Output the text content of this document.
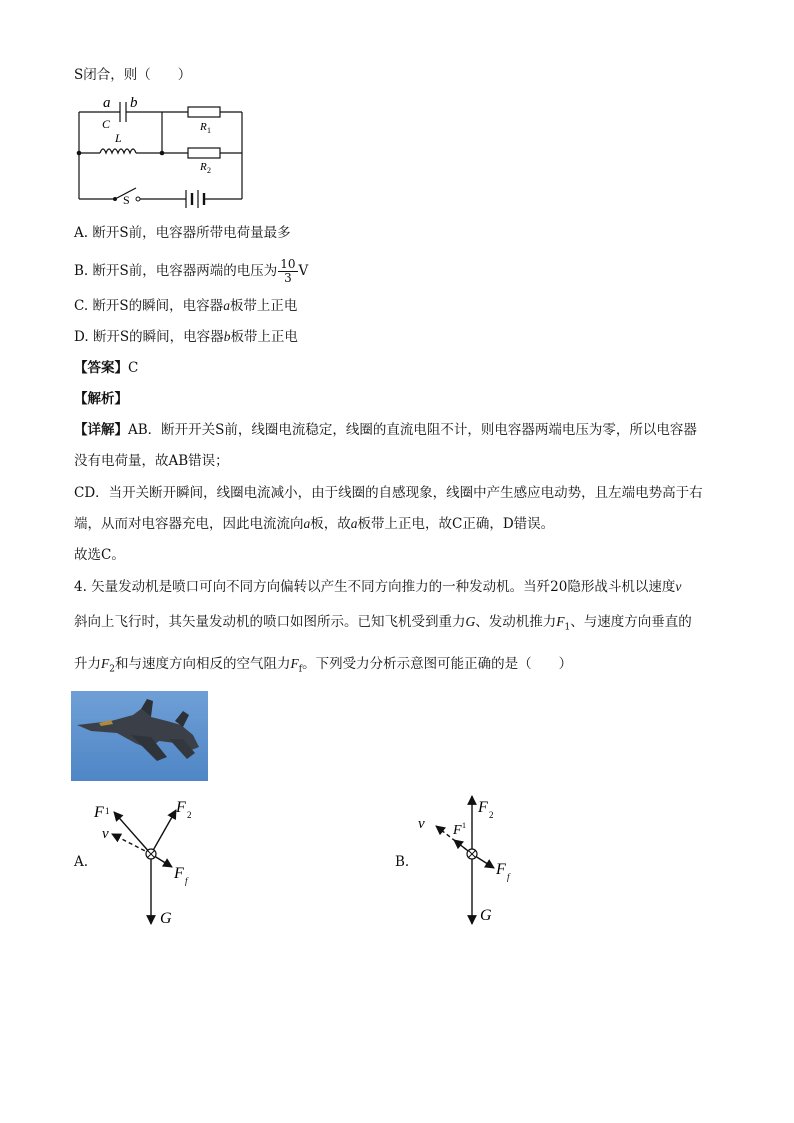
S闭合，则（　　）
a b
C
L
R 1
R 2
S
A. 断开S前，电容器所带电荷量最多
B. 断开S前，电容器两端的电压为 $\frac{10}{3}$ V
C. 断开S的瞬间，电容器a板带上正电
D. 断开S的瞬间，电容器b板带上正电
【答案】C
【解析】
【详解】AB．断开开关S前，线圈电流稳定，线圈的直流电阻不计，则电容器两端电压为零，所以电容器
没有电荷量，故AB错误；
CD．当开关断开瞬间，线圈电流减小，由于线圈的自感现象，线圈中产生感应电动势，且左端电势高于右
端，从而对电容器充电，因此电流流向a板，故a板带上正电，故C正确，D错误。
故选C。
4. 矢量发动机是喷口可向不同方向偏转以产生不同方向推力的一种发动机。当歼20隐形战斗机以速度v
斜向上飞行时，其矢量发动机的喷口如图所示。已知飞机受到重力G、发动机推力$F_1$、与速度方向垂直的
升力$F_2$和与速度方向相反的空气阻力$F_f$。下列受力分析示意图可能正确的是（　　）
A.
F 1
v
F 2
F f
G
B.
F 2
v F 1
F f
G
